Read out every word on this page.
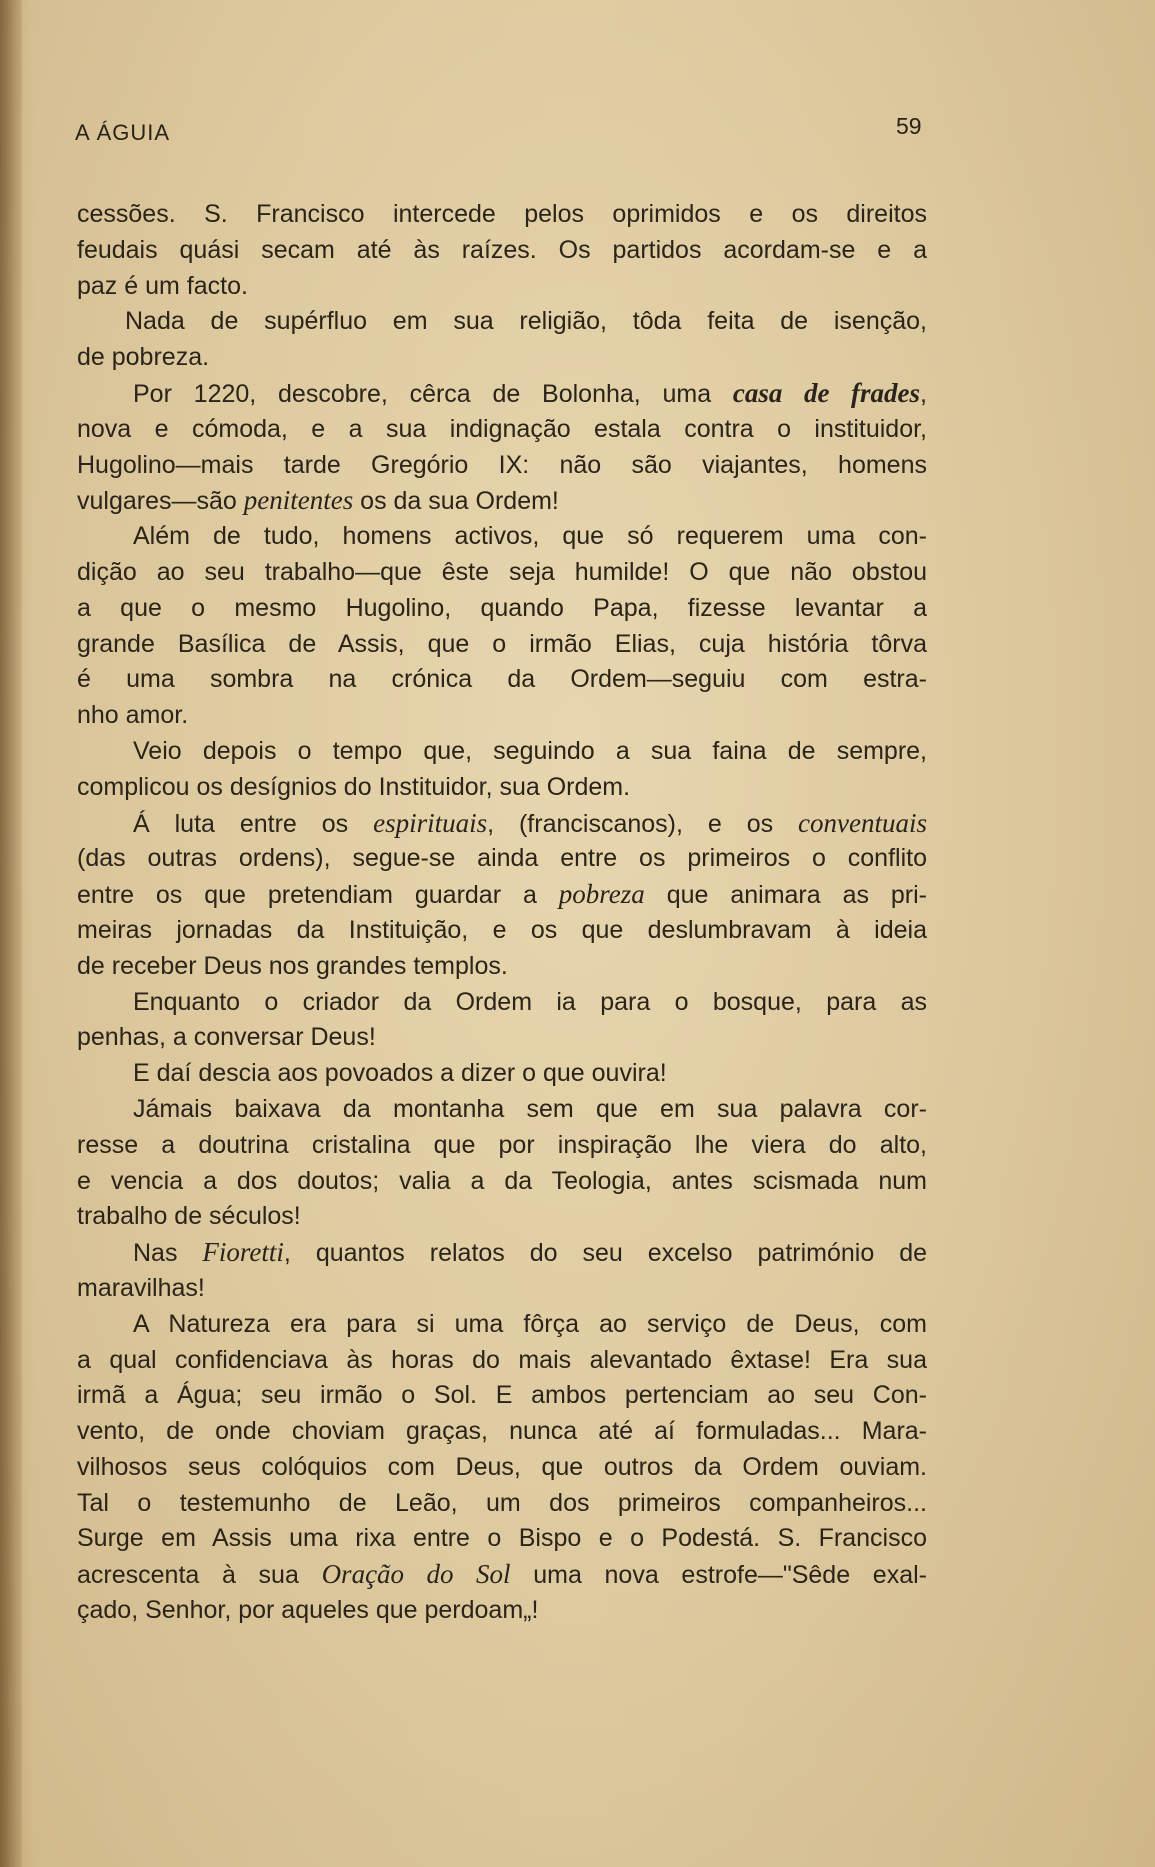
A ÁGUIA	59
cessões. S. Francisco intercede pelos oprimidos e os direitos
feudais quási secam até às raízes. Os partidos acordam-se e a
paz é um facto.
Nada de supérfluo em sua religião, tôda feita de isenção,
de pobreza.
Por 1220, descobre, cêrca de Bolonha, uma casa de frades,
nova e cómoda, e a sua indignação estala contra o instituidor,
Hugolino—mais tarde Gregório IX: não são viajantes, homens
vulgares—são penitentes os da sua Ordem!
Além de tudo, homens activos, que só requerem uma con-
dição ao seu trabalho—que êste seja humilde! O que não obstou
a que o mesmo Hugolino, quando Papa, fizesse levantar a
grande Basílica de Assis, que o irmão Elias, cuja história tôrva
é uma sombra na crónica da Ordem—seguiu com estra-
nho amor.
Veio depois o tempo que, seguindo a sua faina de sempre,
complicou os desígnios do Instituidor, sua Ordem.
Á luta entre os espirituais, (franciscanos), e os conventuais
(das outras ordens), segue-se ainda entre os primeiros o conflito
entre os que pretendiam guardar a pobreza que animara as pri-
meiras jornadas da Instituição, e os que deslumbravam à ideia
de receber Deus nos grandes templos.
Enquanto o criador da Ordem ia para o bosque, para as
penhas, a conversar Deus!
E daí descia aos povoados a dizer o que ouvira!
Jámais baixava da montanha sem que em sua palavra cor-
resse a doutrina cristalina que por inspiração lhe viera do alto,
e vencia a dos doutos; valia a da Teologia, antes scismada num
trabalho de séculos!
Nas Fioretti, quantos relatos do seu excelso património de
maravilhas!
A Natureza era para si uma fôrça ao serviço de Deus, com
a qual confidenciava às horas do mais alevantado êxtase! Era sua
irmã a Água; seu irmão o Sol. E ambos pertenciam ao seu Con-
vento, de onde choviam graças, nunca até aí formuladas... Mara-
vilhosos seus colóquios com Deus, que outros da Ordem ouviam.
Tal o testemunho de Leão, um dos primeiros companheiros...
Surge em Assis uma rixa entre o Bispo e o Podestá. S. Francisco
acrescenta à sua Oração do Sol uma nova estrofe—"Sêde exal-
çado, Senhor, por aqueles que perdoam„!
